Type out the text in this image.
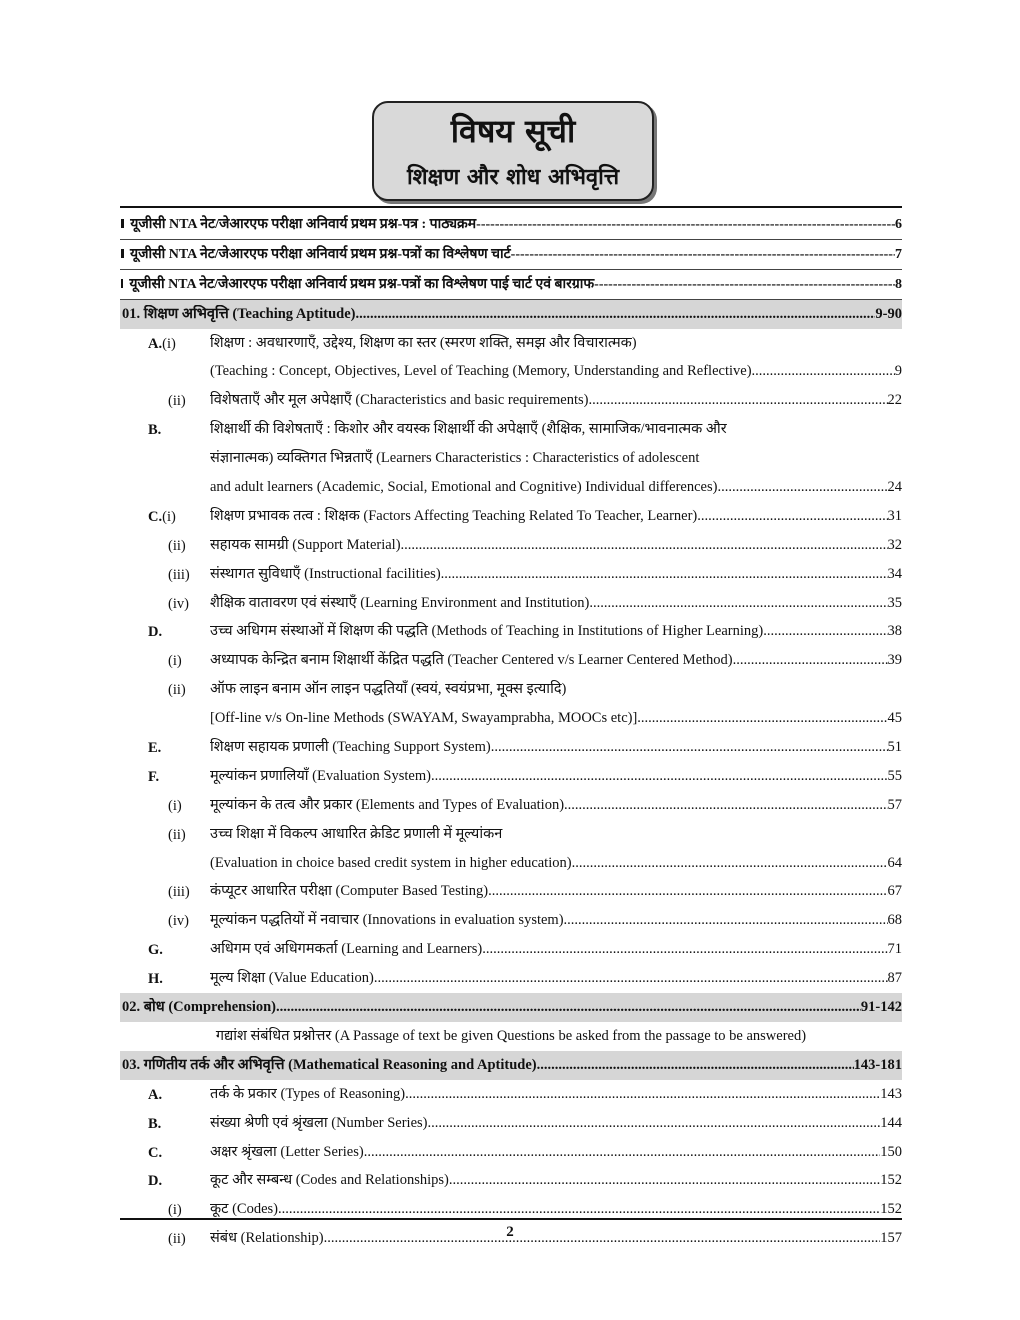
विषय सूची
शिक्षण और शोध अभिवृत्ति
यूजीसी NTA नेट/जेआरएफ परीक्षा अनिवार्य प्रथम प्रश्न-पत्र : पाठ्यक्रम -----	6
यूजीसी NTA नेट/जेआरएफ परीक्षा अनिवार्य प्रथम प्रश्न-पत्रों का विश्लेषण चार्ट -----	7
यूजीसी NTA नेट/जेआरएफ परीक्षा अनिवार्य प्रथम प्रश्न-पत्रों का विश्लेषण पाई चार्ट एवं बारग्राफ -----	8
01. शिक्षण अभिवृत्ति (Teaching Aptitude) .....	9-90
A.(i) शिक्षण : अवधारणाएँ, उद्देश्य, शिक्षण का स्तर (स्मरण शक्ति, समझ और विचारात्मक)
(Teaching : Concept, Objectives, Level of Teaching (Memory, Understanding and Reflective) .....	9
(ii) विशेषताएँ और मूल अपेक्षाएँ (Characteristics and basic requirements) .....	22
B.	शिक्षार्थी की विशेषताएँ : किशोर और वयस्क शिक्षार्थी की अपेक्षाएँ (शैक्षिक, सामाजिक/भावनात्मक और
संज्ञानात्मक) व्यक्तिगत भिन्नताएँ (Learners Characteristics : Characteristics of adolescent
and adult learners (Academic, Social, Emotional and Cognitive) Individual differences) .....	24
C.(i) शिक्षण प्रभावक तत्व : शिक्षक (Factors Affecting Teaching Related To Teacher, Learner) .....	31
(ii) सहायक सामग्री (Support Material) .....	32
(iii) संस्थागत सुविधाएँ (Instructional facilities) .....	34
(iv) शैक्षिक वातावरण एवं संस्थाएँ (Learning Environment and Institution) .....	35
D.	उच्च अधिगम संस्थाओं में शिक्षण की पद्धति (Methods of Teaching in Institutions of Higher Learning) .....	38
(i) अध्यापक केन्द्रित बनाम शिक्षार्थी केंद्रित पद्धति (Teacher Centered v/s Learner Centered Method) .....	39
(ii) ऑफ लाइन बनाम ऑन लाइन पद्धतियाँ (स्वयं, स्वयंप्रभा, मूक्स इत्यादि)
[Off-line v/s On-line Methods (SWAYAM, Swayamprabha, MOOCs etc)] .....	45
E.	शिक्षण सहायक प्रणाली (Teaching Support System) .....	51
F.	मूल्यांकन प्रणालियाँ (Evaluation System) .....	55
(i) मूल्यांकन के तत्व और प्रकार (Elements and Types of Evaluation) .....	57
(ii) उच्च शिक्षा में विकल्प आधारित क्रेडिट प्रणाली में मूल्यांकन
(Evaluation in choice based credit system in higher education) .....	64
(iii) कंप्यूटर आधारित परीक्षा (Computer Based Testing) .....	67
(iv) मूल्यांकन पद्धतियों में नवाचार (Innovations in evaluation system) .....	68
G.	अधिगम एवं अधिगमकर्ता (Learning and Learners) .....	71
H.	मूल्य शिक्षा (Value Education) .....	87
02. बोध (Comprehension) .....	91-142
गद्यांश संबंधित प्रश्नोत्तर (A Passage of text be given Questions be asked from the passage to be answered)
03. गणितीय तर्क और अभिवृत्ति (Mathematical Reasoning and Aptitude) .....	143-181
A.	तर्क के प्रकार (Types of Reasoning) .....	143
B.	संख्या श्रेणी एवं श्रृंखला (Number Series) .....	144
C.	अक्षर श्रृंखला (Letter Series) .....	150
D.	कूट और सम्बन्ध (Codes and Relationships) .....	152
(i) कूट (Codes) .....	152
(ii) संबंध (Relationship) .....	157
2
